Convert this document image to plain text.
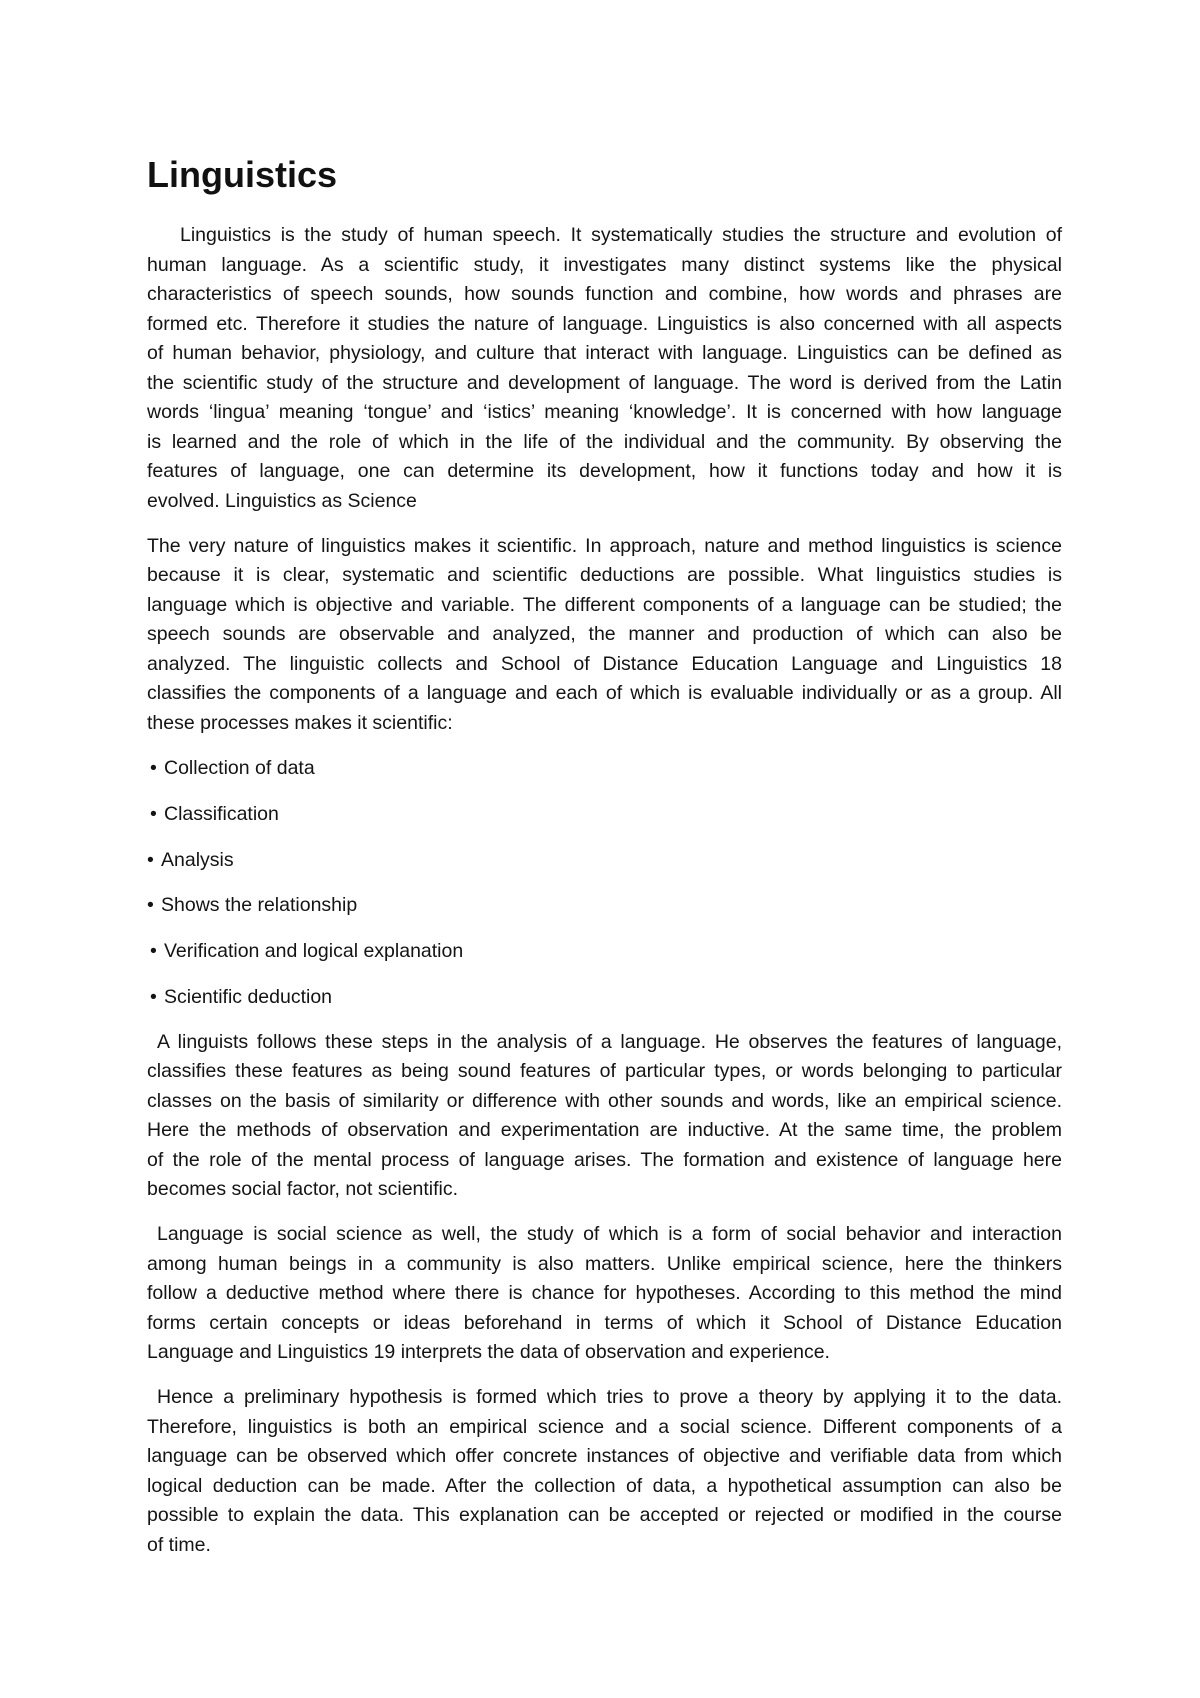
Linguistics
Linguistics is the study of human speech. It systematically studies the structure and evolution of
human language. As a scientific study, it investigates many distinct systems like the physical
characteristics of speech sounds, how sounds function and combine, how words and phrases are
formed etc. Therefore it studies the nature of language. Linguistics is also concerned with all aspects
of human behavior, physiology, and culture that interact with language. Linguistics can be defined as
the scientific study of the structure and development of language. The word is derived from the Latin
words ‘lingua’ meaning ‘tongue’ and ‘istics’ meaning ‘knowledge’. It is concerned with how language
is learned and the role of which in the life of the individual and the community. By observing the
features of language, one can determine its development, how it functions today and how it is
evolved. Linguistics as Science
The very nature of linguistics makes it scientific. In approach, nature and method linguistics is science
because it is clear, systematic and scientific deductions are possible. What linguistics studies is
language which is objective and variable. The different components of a language can be studied; the
speech sounds are observable and analyzed, the manner and production of which can also be
analyzed. The linguistic collects and School of Distance Education Language and Linguistics 18
classifies the components of a language and each of which is evaluable individually or as a group. All
these processes makes it scientific:
• Collection of data
• Classification
• Analysis
• Shows the relationship
• Verification and logical explanation
• Scientific deduction
A linguists follows these steps in the analysis of a language. He observes the features of language,
classifies these features as being sound features of particular types, or words belonging to particular
classes on the basis of similarity or difference with other sounds and words, like an empirical science.
Here the methods of observation and experimentation are inductive. At the same time, the problem
of the role of the mental process of language arises. The formation and existence of language here
becomes social factor, not scientific.
Language is social science as well, the study of which is a form of social behavior and interaction
among human beings in a community is also matters. Unlike empirical science, here the thinkers
follow a deductive method where there is chance for hypotheses. According to this method the mind
forms certain concepts or ideas beforehand in terms of which it School of Distance Education
Language and Linguistics 19 interprets the data of observation and experience.
Hence a preliminary hypothesis is formed which tries to prove a theory by applying it to the data.
Therefore, linguistics is both an empirical science and a social science. Different components of a
language can be observed which offer concrete instances of objective and verifiable data from which
logical deduction can be made. After the collection of data, a hypothetical assumption can also be
possible to explain the data. This explanation can be accepted or rejected or modified in the course
of time.
